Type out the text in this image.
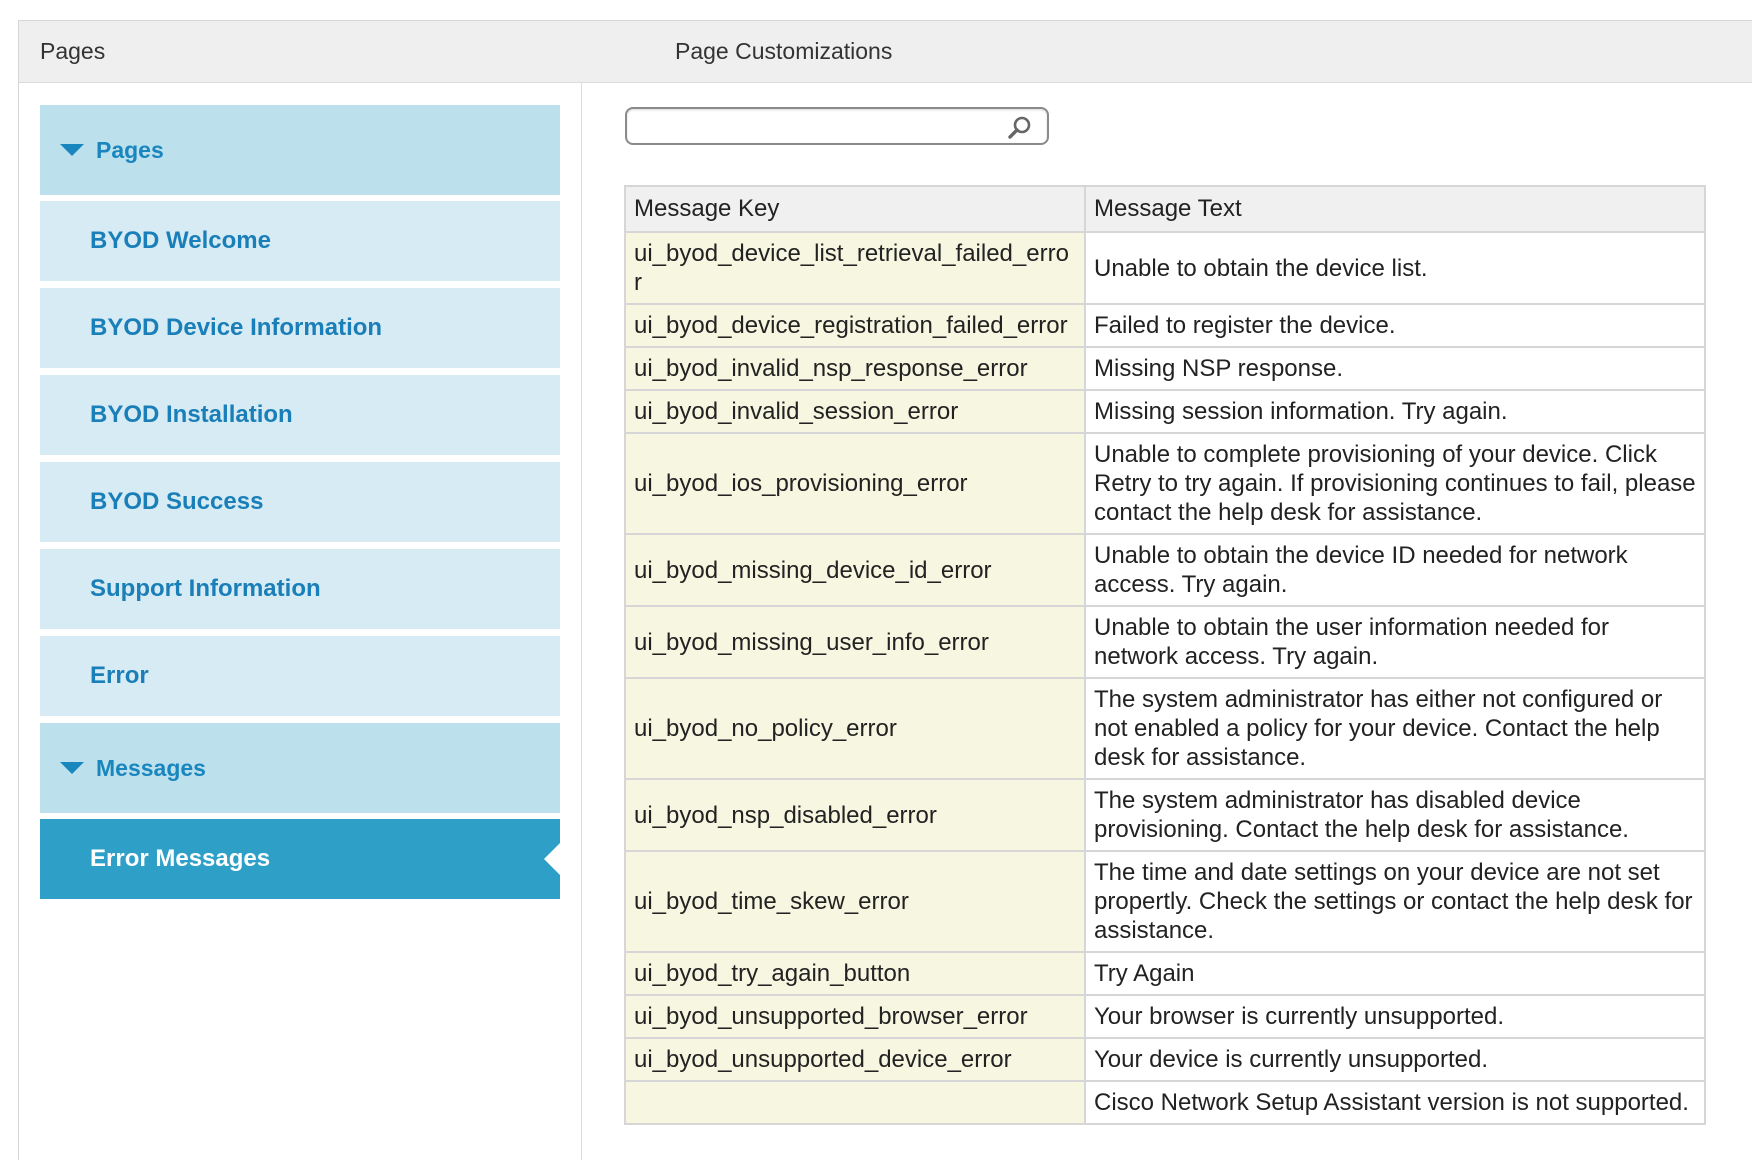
Pages	Page Customizations
Pages
BYOD Welcome
BYOD Device Information
BYOD Installation
BYOD Success
Support Information
Error
Messages
Error Messages
Message Key	Message Text
ui_byod_device_list_retrieval_failed_error	Unable to obtain the device list.
ui_byod_device_registration_failed_error	Failed to register the device.
ui_byod_invalid_nsp_response_error	Missing NSP response.
ui_byod_invalid_session_error	Missing session information. Try again.
ui_byod_ios_provisioning_error	Unable to complete provisioning of your device. Click Retry to try again. If provisioning continues to fail, please contact the help desk for assistance.
ui_byod_missing_device_id_error	Unable to obtain the device ID needed for network access. Try again.
ui_byod_missing_user_info_error	Unable to obtain the user information needed for network access. Try again.
ui_byod_no_policy_error	The system administrator has either not configured or not enabled a policy for your device. Contact the help desk for assistance.
ui_byod_nsp_disabled_error	The system administrator has disabled device provisioning. Contact the help desk for assistance.
ui_byod_time_skew_error	The time and date settings on your device are not set propertly. Check the settings or contact the help desk for assistance.
ui_byod_try_again_button	Try Again
ui_byod_unsupported_browser_error	Your browser is currently unsupported.
ui_byod_unsupported_device_error	Your device is currently unsupported.
	Cisco Network Setup Assistant version is not supported.
